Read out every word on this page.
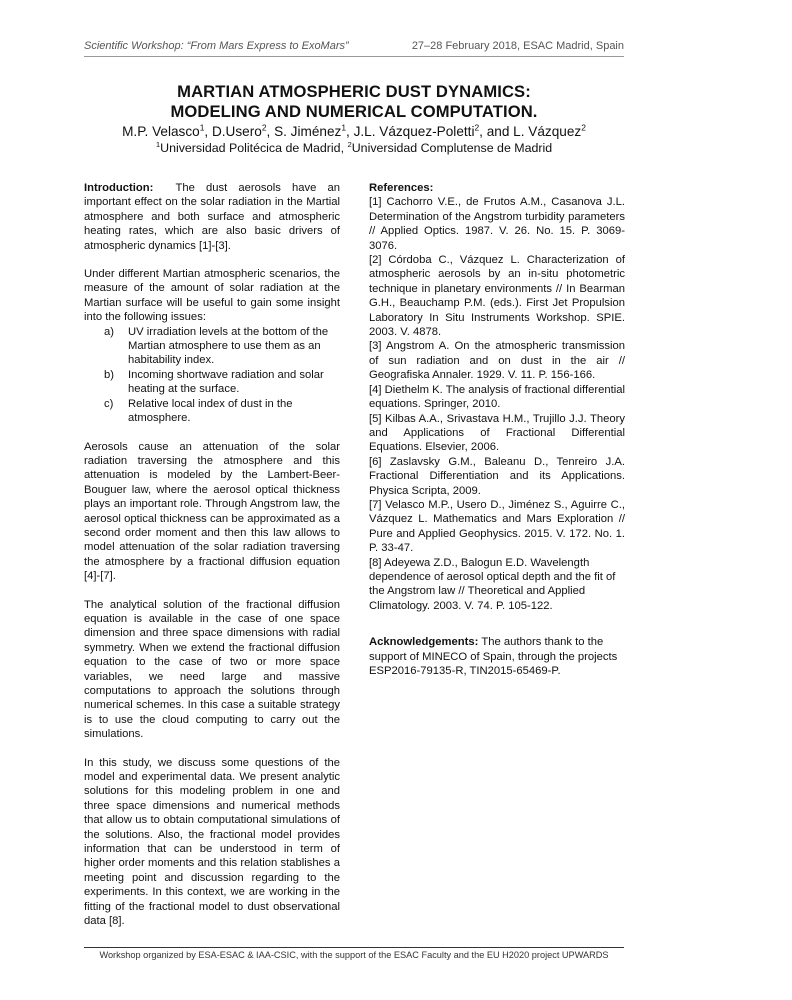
Scientific Workshop: “From Mars Express to ExoMars”	27–28 February 2018, ESAC Madrid, Spain
MARTIAN ATMOSPHERIC DUST DYNAMICS:
MODELING AND NUMERICAL COMPUTATION.
M.P. Velasco$^1$, D.Usero$^2$, S. Jiménez$^1$, J.L. Vázquez-Poletti$^2$, and L. Vázquez$^2$
$^1$Universidad Politécica de Madrid, $^2$Universidad Complutense de Madrid

Introduction: The dust aerosols have an important effect on the solar radiation in the Martial atmosphere and both surface and atmospheric heating rates, which are also basic drivers of atmospheric dynamics [1]-[3].

Under different Martian atmospheric scenarios, the measure of the amount of solar radiation at the Martian surface will be useful to gain some insight into the following issues:

a) UV irradiation levels at the bottom of the Martian atmosphere to use them as an habitability index.
b) Incoming shortwave radiation and solar heating at the surface.
c) Relative local index of dust in the atmosphere.

Aerosols cause an attenuation of the solar radiation traversing the atmosphere and this attenuation is modeled by the Lambert-Beer-Bouguer law, where the aerosol optical thickness plays an important role. Through Angstrom law, the aerosol optical thickness can be approximated as a second order moment and then this law allows to model attenuation of the solar radiation traversing the atmosphere by a fractional diffusion equation [4]-[7].

The analytical solution of the fractional diffusion equation is available in the case of one space dimension and three space dimensions with radial symmetry. When we extend the fractional diffusion equation to the case of two or more space variables, we need large and massive computations to approach the solutions through numerical schemes. In this case a suitable strategy is to use the cloud computing to carry out the simulations.

In this study, we discuss some questions of the model and experimental data. We present analytic solutions for this modeling problem in one and three space dimensions and numerical methods that allow us to obtain computational simulations of the solutions. Also, the fractional model provides information that can be understood in term of higher order moments and this relation stablishes a meeting point and discussion regarding to the experiments. In this context, we are working in the fitting of the fractional model to dust observational data [8].

References:

[1] Cachorro V.E., de Frutos A.M., Casanova J.L. Determination of the Angstrom turbidity parameters // Applied Optics. 1987. V. 26. No. 15. P. 3069-3076.

[2] Córdoba C., Vázquez L. Characterization of atmospheric aerosols by an in-situ photometric technique in planetary environments // In Bearman G.H., Beauchamp P.M. (eds.). First Jet Propulsion Laboratory In Situ Instruments Workshop. SPIE. 2003. V. 4878.

[3] Angstrom A. On the atmospheric transmission of sun radiation and on dust in the air // Geografiska Annaler. 1929. V. 11. P. 156-166.

[4] Diethelm K. The analysis of fractional differential equations. Springer, 2010.

[5] Kilbas A.A., Srivastava H.M., Trujillo J.J. Theory and Applications of Fractional Differential Equations. Elsevier, 2006.

[6] Zaslavsky G.M., Baleanu D., Tenreiro J.A. Fractional Differentiation and its Applications. Physica Scripta, 2009.

[7] Velasco M.P., Usero D., Jiménez S., Aguirre C., Vázquez L. Mathematics and Mars Exploration // Pure and Applied Geophysics. 2015. V. 172. No. 1. P. 33-47.

[8] Adeyewa Z.D., Balogun E.D. Wavelength dependence of aerosol optical depth and the fit of the Angstrom law // Theoretical and Applied Climatology. 2003. V. 74. P. 105-122.

Acknowledgements: The authors thank to the support of MINECO of Spain, through the projects ESP2016-79135-R, TIN2015-65469-P.

Workshop organized by ESA-ESAC & IAA-CSIC, with the support of the ESAC Faculty and the EU H2020 project UPWARDS
